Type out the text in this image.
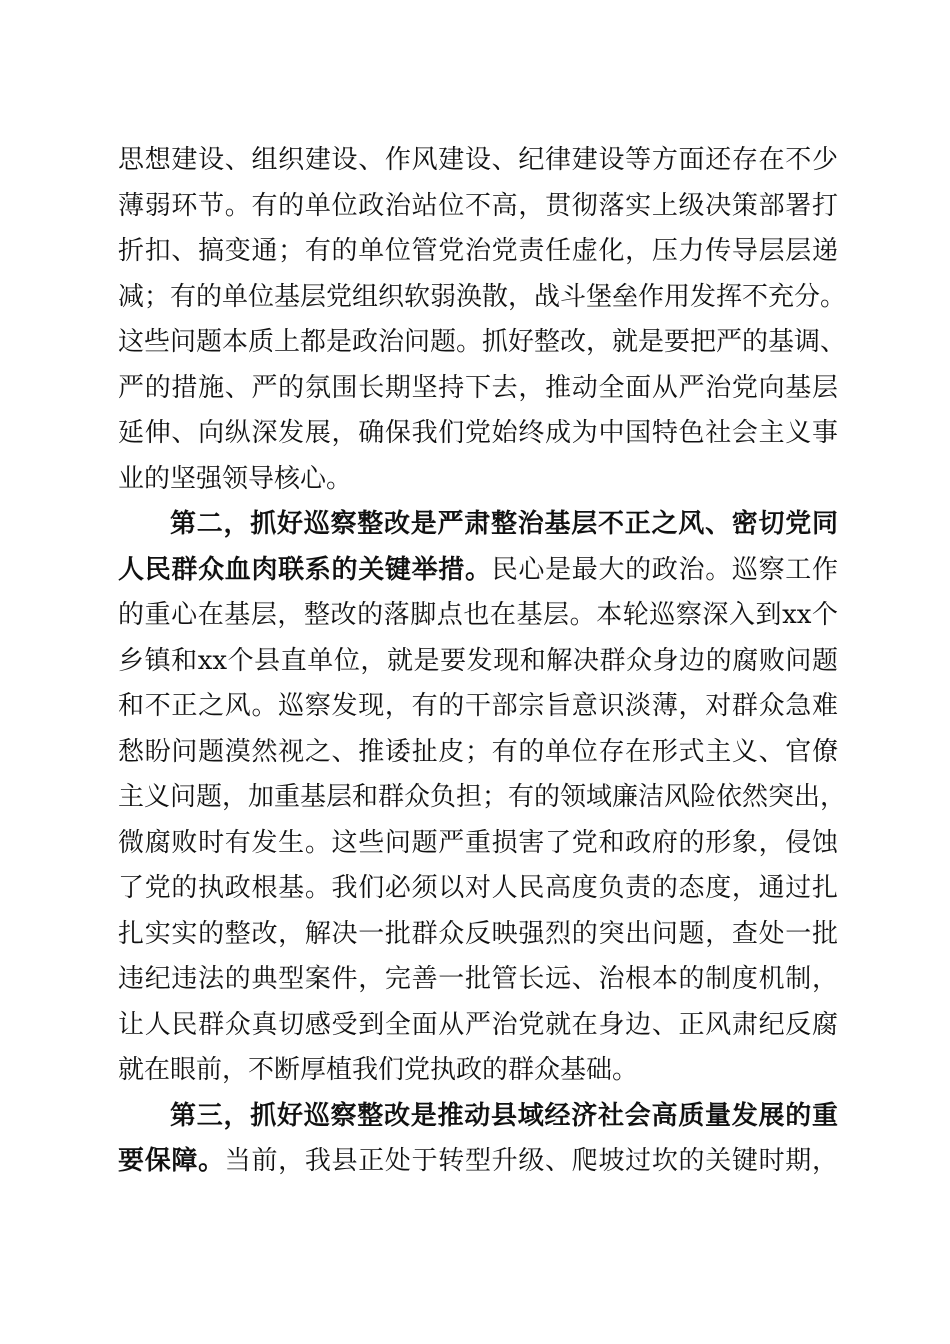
思想建设、组织建设、作风建设、纪律建设等方面还存在不少
薄弱环节。有的单位政治站位不高，贯彻落实上级决策部署打
折扣、搞变通；有的单位管党治党责任虚化，压力传导层层递
减；有的单位基层党组织软弱涣散，战斗堡垒作用发挥不充分。
这些问题本质上都是政治问题。抓好整改，就是要把严的基调、
严的措施、严的氛围长期坚持下去，推动全面从严治党向基层
延伸、向纵深发展，确保我们党始终成为中国特色社会主义事
业的坚强领导核心。
第二，抓好巡察整改是严肃整治基层不正之风、密切党同
人民群众血肉联系的关键举措。民心是最大的政治。巡察工作
的重心在基层，整改的落脚点也在基层。本轮巡察深入到xx个
乡镇和xx个县直单位，就是要发现和解决群众身边的腐败问题
和不正之风。巡察发现，有的干部宗旨意识淡薄，对群众急难
愁盼问题漠然视之、推诿扯皮；有的单位存在形式主义、官僚
主义问题，加重基层和群众负担；有的领域廉洁风险依然突出，
微腐败时有发生。这些问题严重损害了党和政府的形象，侵蚀
了党的执政根基。我们必须以对人民高度负责的态度，通过扎
扎实实的整改，解决一批群众反映强烈的突出问题，查处一批
违纪违法的典型案件，完善一批管长远、治根本的制度机制，
让人民群众真切感受到全面从严治党就在身边、正风肃纪反腐
就在眼前，不断厚植我们党执政的群众基础。
第三，抓好巡察整改是推动县域经济社会高质量发展的重
要保障。当前，我县正处于转型升级、爬坡过坎的关键时期，
